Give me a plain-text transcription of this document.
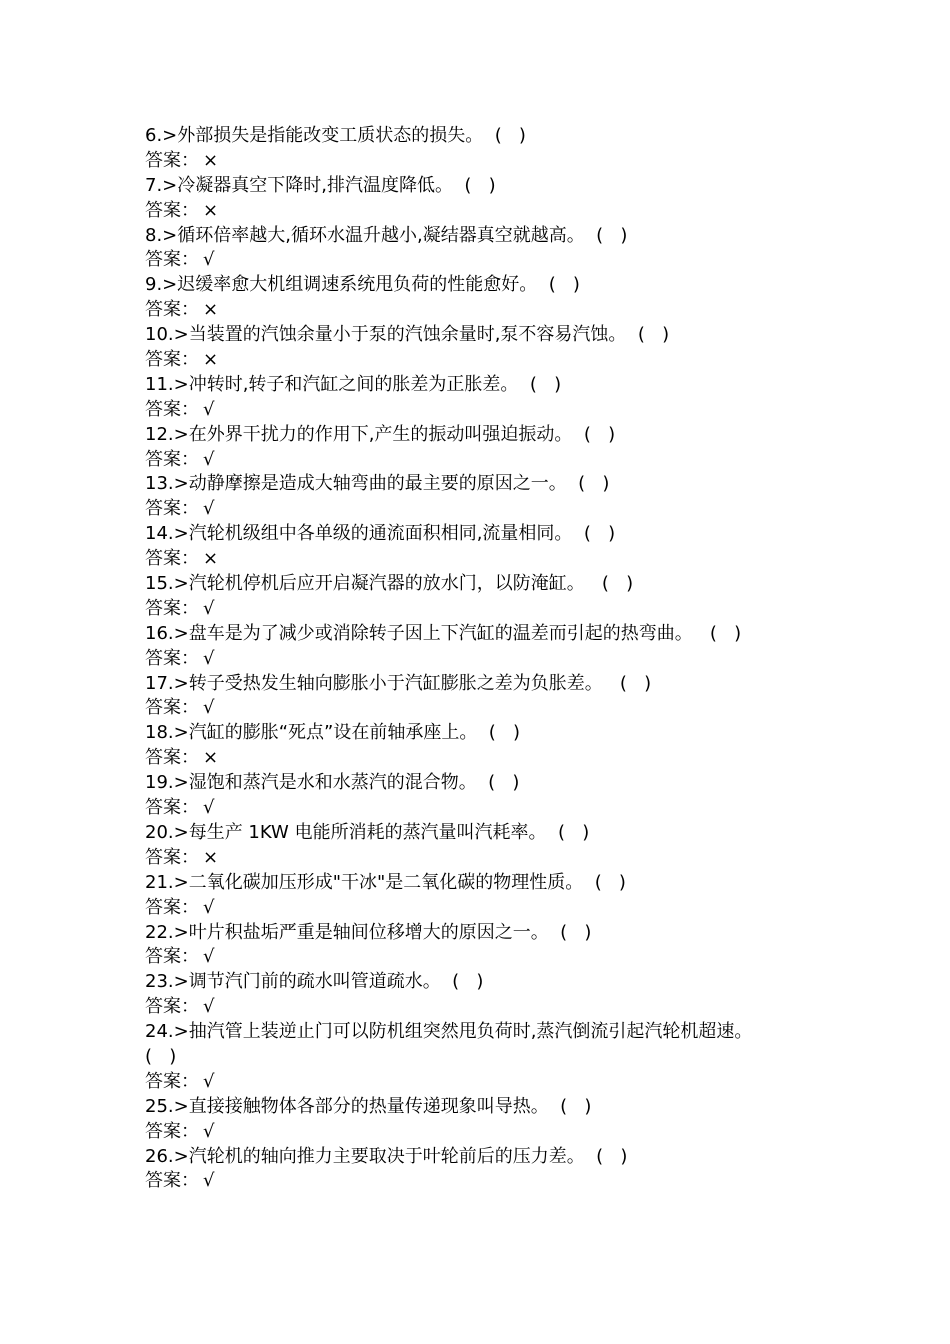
6.>外部损失是指能改变工质状态的损失。  (   )
答案： ×
7.>冷凝器真空下降时,排汽温度降低。  (   )
答案： ×
8.>循环倍率越大,循环水温升越小,凝结器真空就越高。  (   )
答案： √
9.>迟缓率愈大机组调速系统甩负荷的性能愈好。  (   )
答案： ×
10.>当装置的汽蚀余量小于泵的汽蚀余量时,泵不容易汽蚀。  (   )
答案： ×
11.>冲转时,转子和汽缸之间的胀差为正胀差。  (   )
答案： √
12.>在外界干扰力的作用下,产生的振动叫强迫振动。  (   )
答案： √
13.>动静摩擦是造成大轴弯曲的最主要的原因之一。  (   )
答案： √
14.>汽轮机级组中各单级的通流面积相同,流量相同。  (   )
答案： ×
15.>汽轮机停机后应开启凝汽器的放水门，以防淹缸。   (   )
答案： √
16.>盘车是为了减少或消除转子因上下汽缸的温差而引起的热弯曲。   (   )
答案： √
17.>转子受热发生轴向膨胀小于汽缸膨胀之差为负胀差。   (   )
答案： √
18.>汽缸的膨胀“死点”设在前轴承座上。  (   )
答案： ×
19.>湿饱和蒸汽是水和水蒸汽的混合物。  (   )
答案： √
20.>每生产 1KW 电能所消耗的蒸汽量叫汽耗率。  (   )
答案： ×
21.>二氧化碳加压形成"干冰"是二氧化碳的物理性质。  (   )
答案： √
22.>叶片积盐垢严重是轴间位移增大的原因之一。  (   )
答案： √
23.>调节汽门前的疏水叫管道疏水。  (   )
答案： √
24.>抽汽管上装逆止门可以防机组突然甩负荷时,蒸汽倒流引起汽轮机超速。
(   )
答案： √
25.>直接接触物体各部分的热量传递现象叫导热。  (   )
答案： √
26.>汽轮机的轴向推力主要取决于叶轮前后的压力差。  (   )
答案： √
